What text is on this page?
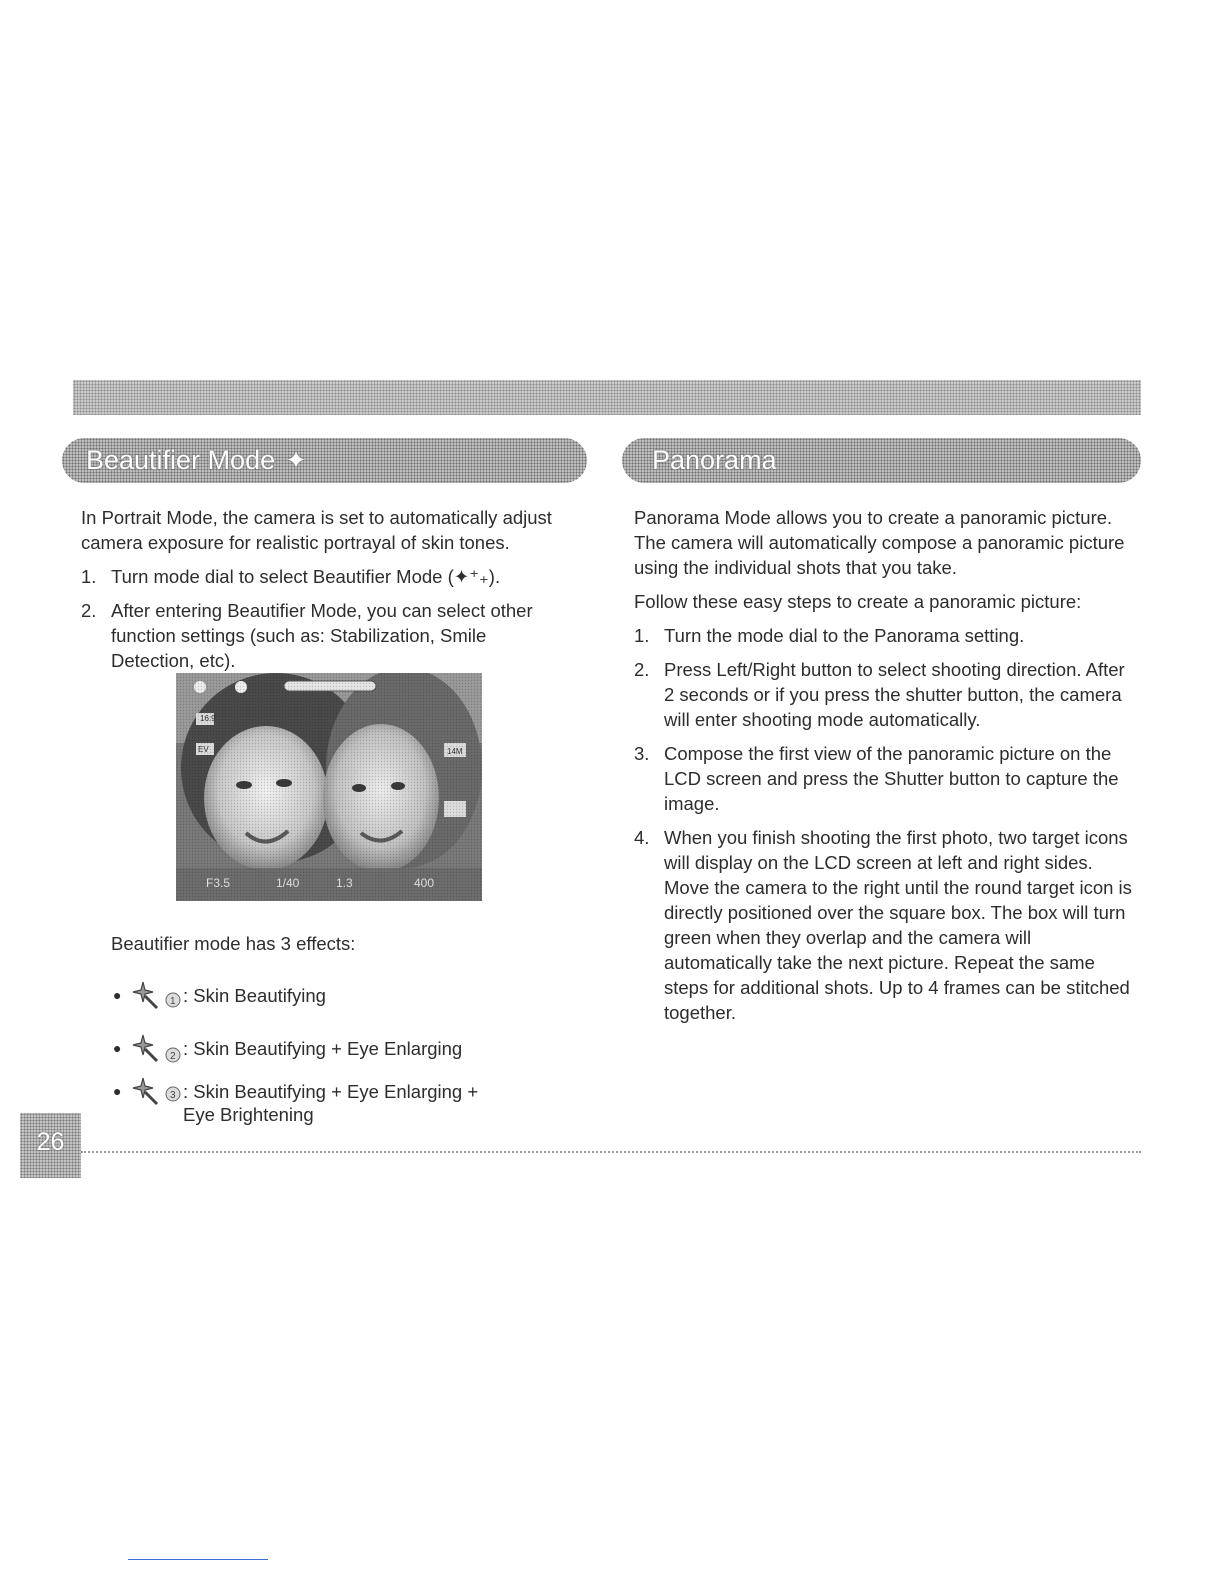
Beautifier Mode ✦	Panorama

In Portrait Mode, the camera is set to automatically adjust camera exposure for realistic portrayal of skin tones.

1. Turn mode dial to select Beautifier Mode (✦⁺₊).
2. After entering Beautifier Mode, you can select other function settings (such as: Stabilization, Smile Detection, etc).
16:9
EV	14M
F3.5	1/40	1.3	400
Beautifier mode has 3 effects:
●	1 : Skin Beautifying
●
2 : Skin Beautifying + Eye Enlarging
●	3 : Skin Beautifying + Eye Enlarging + Eye Brightening

Panorama Mode allows you to create a panoramic picture. The camera will automatically compose a panoramic picture using the individual shots that you take.

Follow these easy steps to create a panoramic picture:

1. Turn the mode dial to the Panorama setting.
2. Press Left/Right button to select shooting direction. After 2 seconds or if you press the shutter button, the camera will enter shooting mode automatically.
3. Compose the first view of the panoramic picture on the LCD screen and press the Shutter button to capture the image.
4. When you finish shooting the first photo, two target icons will display on the LCD screen at left and right sides. Move the camera to the right until the round target icon is directly positioned over the square box. The box will turn green when they overlap and the camera will automatically take the next picture. Repeat the same steps for additional shots. Up to 4 frames can be stitched together.
26
